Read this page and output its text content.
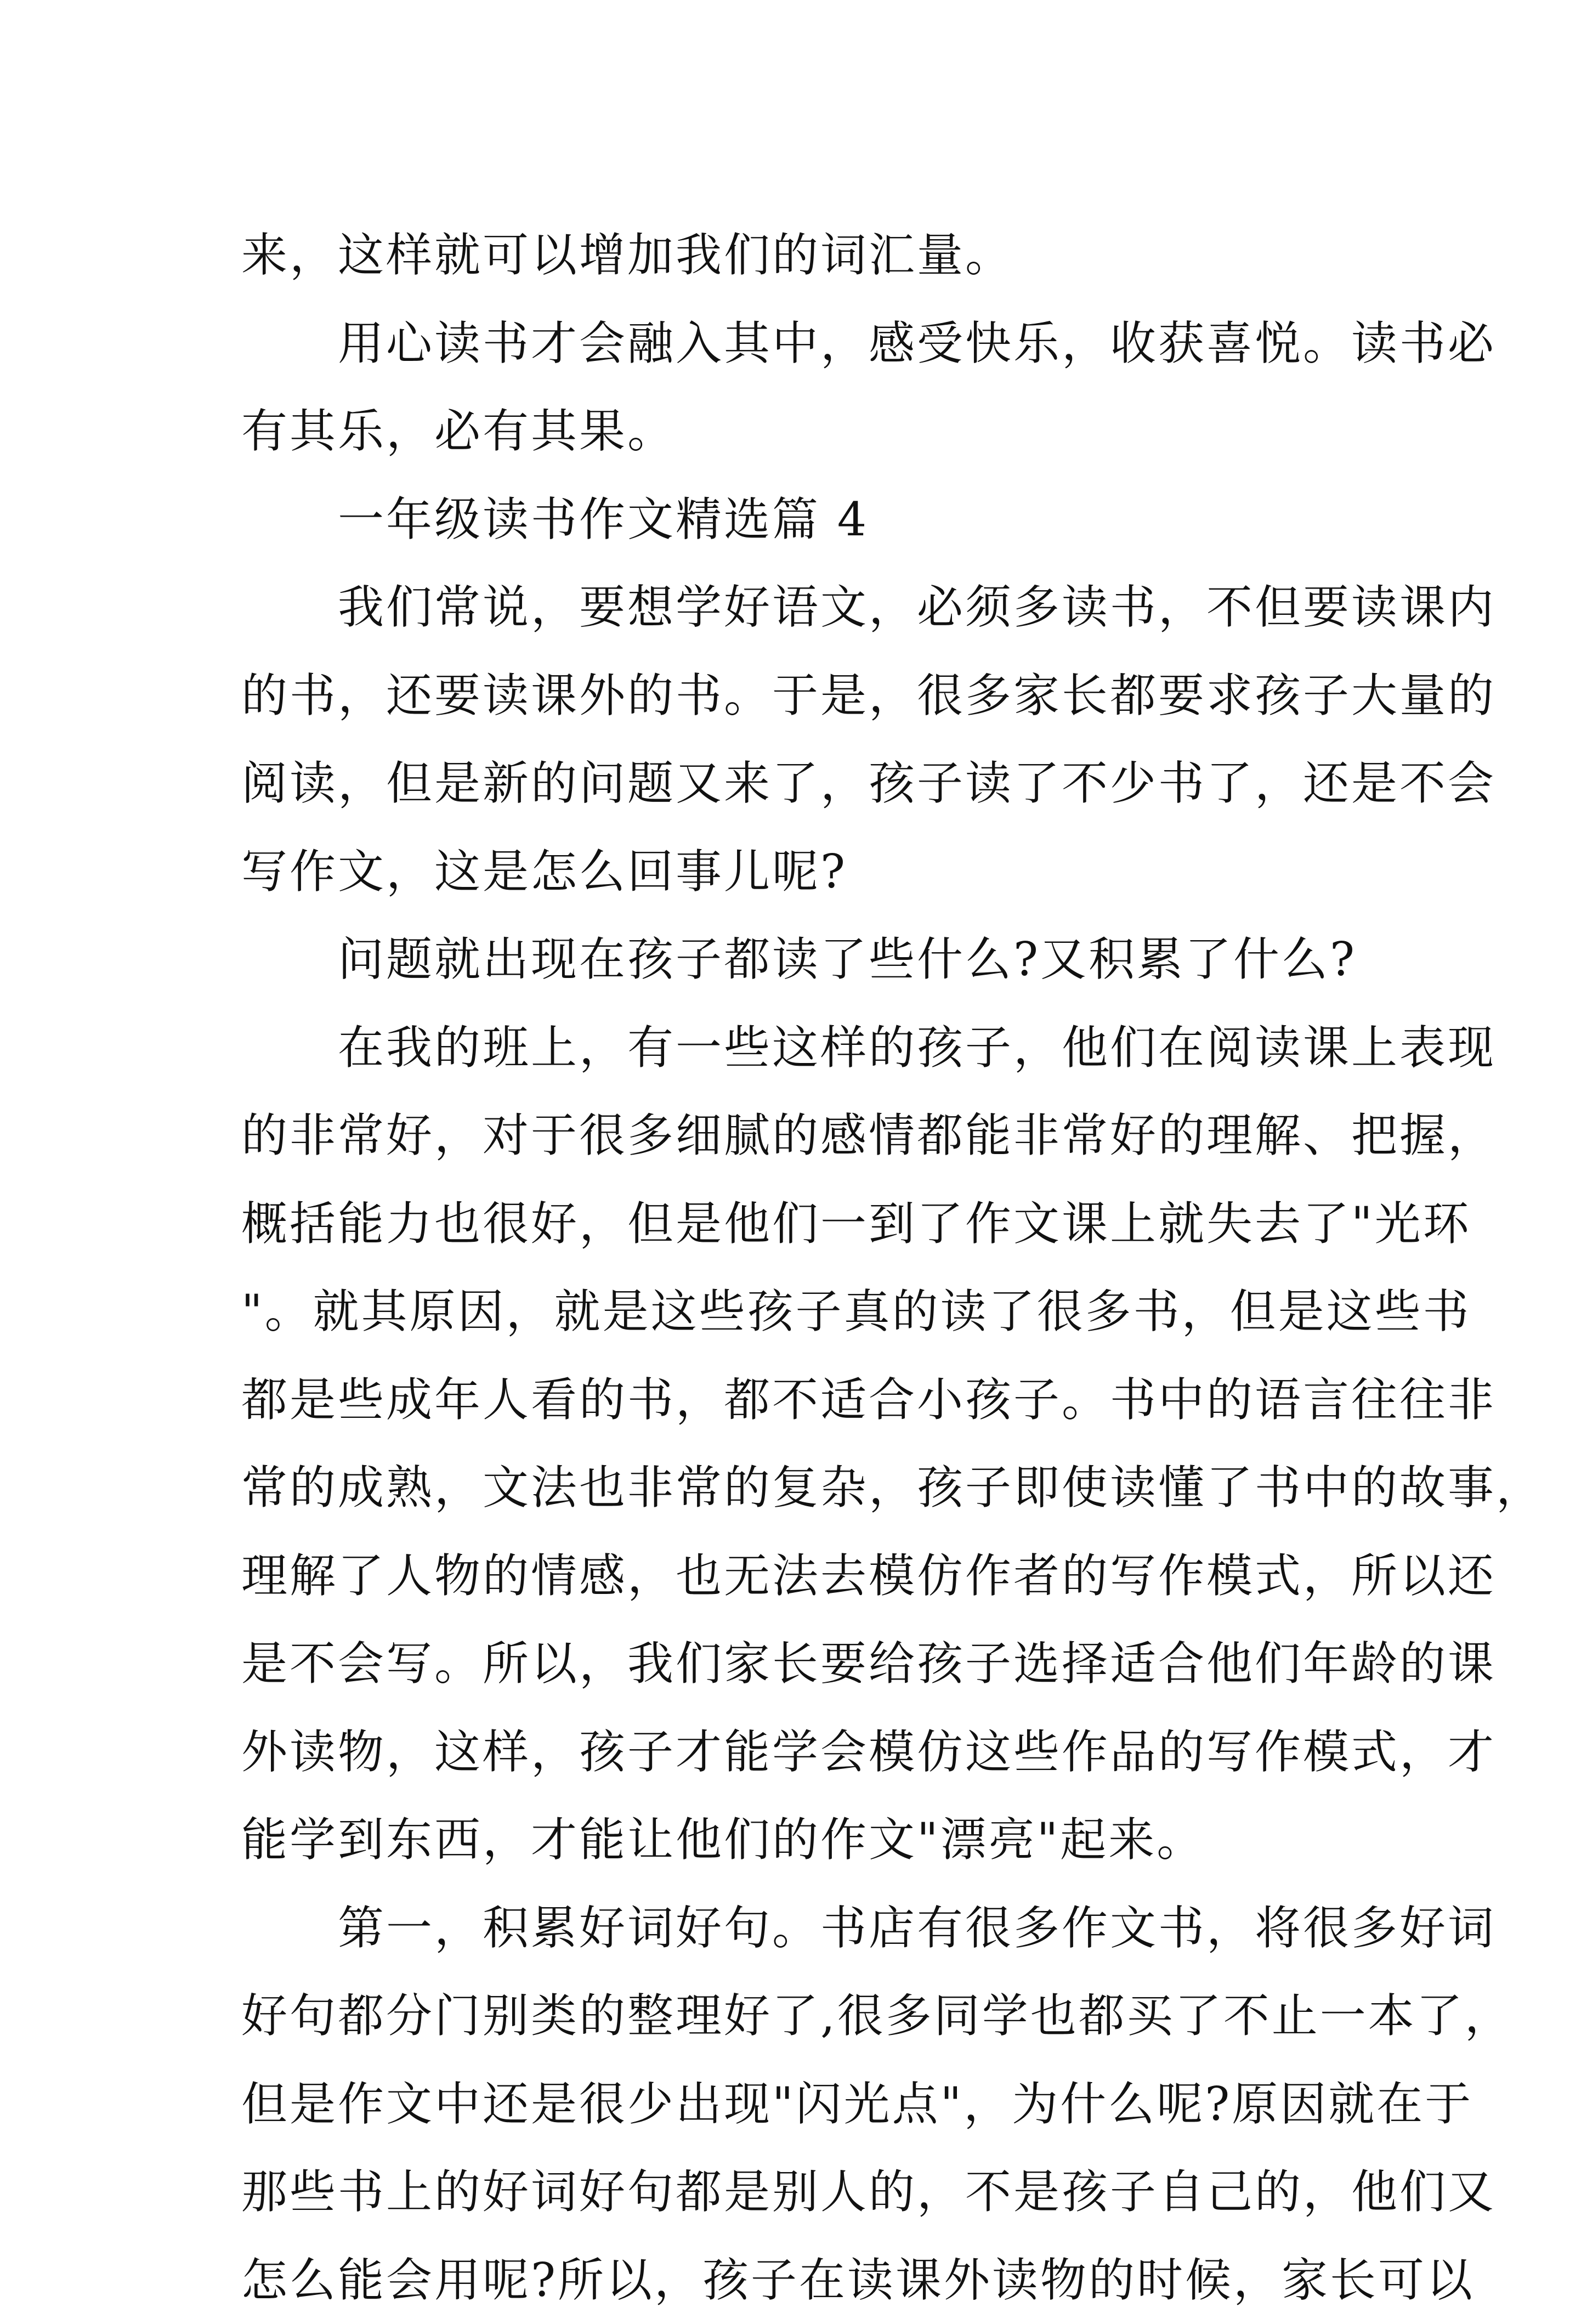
来，这样就可以增加我们的词汇量。
用心读书才会融入其中，感受快乐，收获喜悦。读书必
有其乐，必有其果。
一年级读书作文精选篇 4
我们常说，要想学好语文，必须多读书，不但要读课内
的书，还要读课外的书。于是，很多家长都要求孩子大量的
阅读，但是新的问题又来了，孩子读了不少书了，还是不会
写作文，这是怎么回事儿呢?
问题就出现在孩子都读了些什么?又积累了什么?
在我的班上，有一些这样的孩子，他们在阅读课上表现
的非常好，对于很多细腻的感情都能非常好的理解、把握，
概括能力也很好，但是他们一到了作文课上就失去了"光环
"。就其原因，就是这些孩子真的读了很多书，但是这些书
都是些成年人看的书，都不适合小孩子。书中的语言往往非
常的成熟，文法也非常的复杂，孩子即使读懂了书中的故事，
理解了人物的情感，也无法去模仿作者的写作模式，所以还
是不会写。所以，我们家长要给孩子选择适合他们年龄的课
外读物，这样，孩子才能学会模仿这些作品的写作模式，才
能学到东西，才能让他们的作文"漂亮"起来。
第一，积累好词好句。书店有很多作文书，将很多好词
好句都分门别类的整理好了,很多同学也都买了不止一本了，
但是作文中还是很少出现"闪光点"，为什么呢?原因就在于
那些书上的好词好句都是别人的，不是孩子自己的，他们又
怎么能会用呢?所以，孩子在读课外读物的时候，家长可以
